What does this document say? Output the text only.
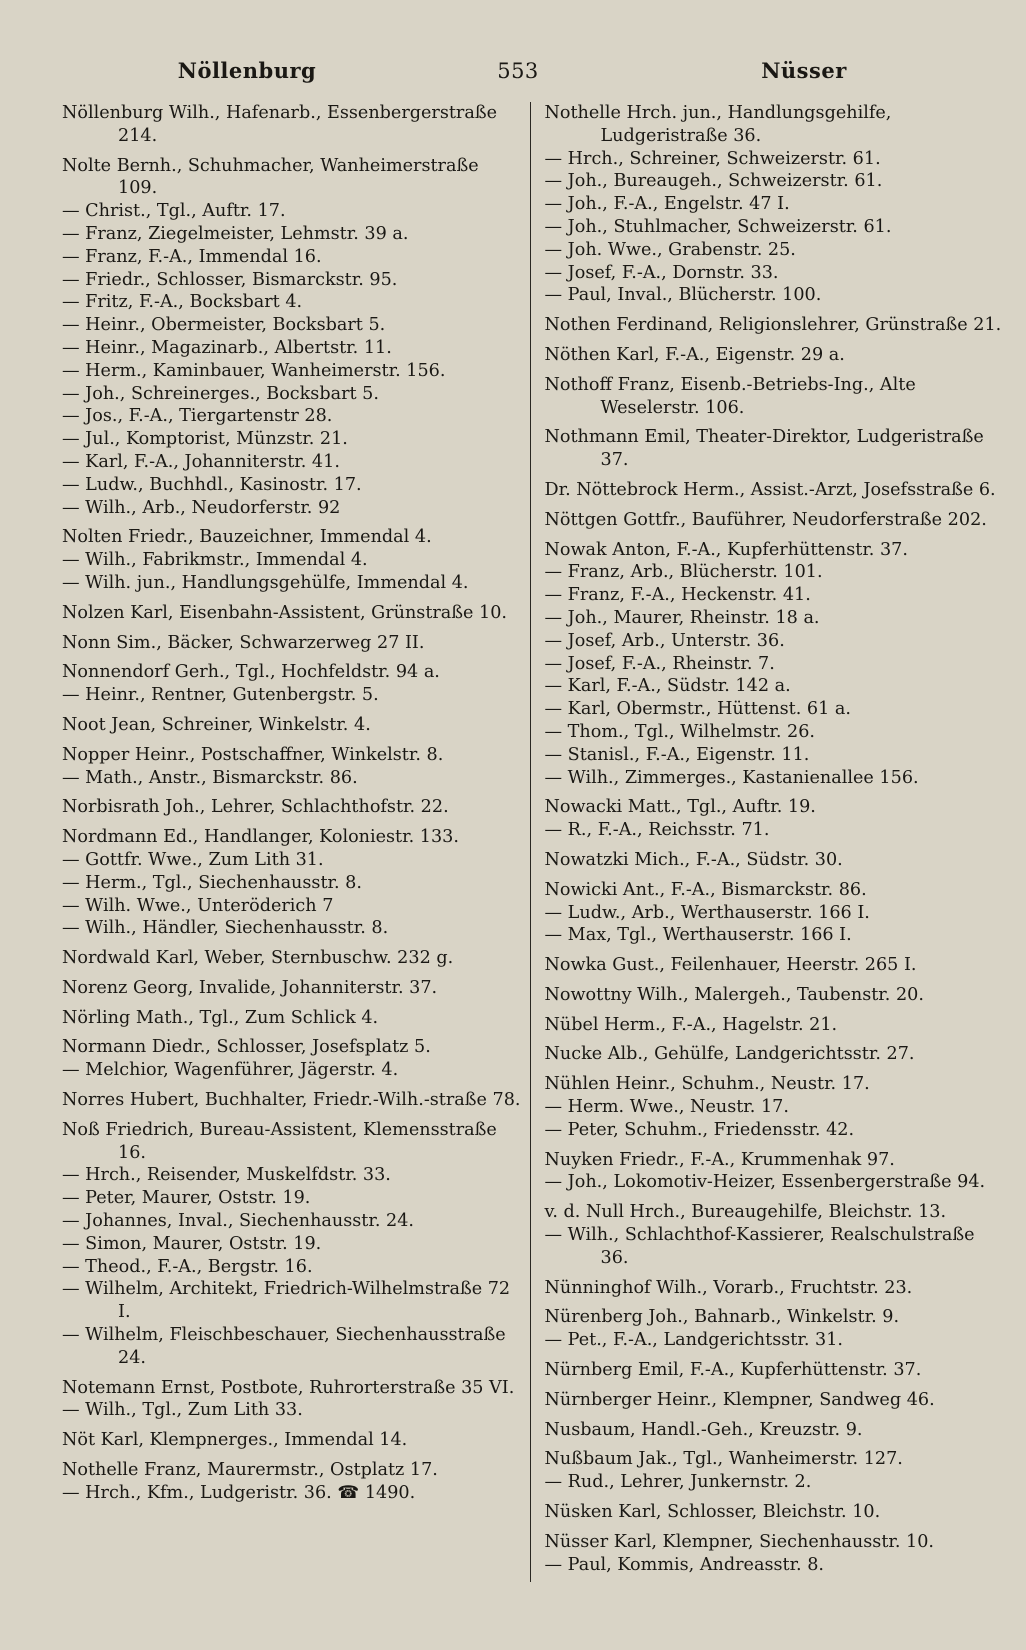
Nöllenburg	553	Nüsser
Nöllenburg Wilh., Hafenarb., Essenbergerstraße 214.
Nolte Bernh., Schuhmacher, Wanheimerstraße 109.
— Christ., Tgl., Auftr. 17.
— Franz, Ziegelmeister, Lehmstr. 39 a.
— Franz, F.-A., Immendal 16.
— Friedr., Schlosser, Bismarckstr. 95.
— Fritz, F.-A., Bocksbart 4.
— Heinr., Obermeister, Bocksbart 5.
— Heinr., Magazinarb., Albertstr. 11.
— Herm., Kaminbauer, Wanheimerstr. 156.
— Joh., Schreinerges., Bocksbart 5.
— Jos., F.-A., Tiergartenstr 28.
— Jul., Komptorist, Münzstr. 21.
— Karl, F.-A., Johanniterstr. 41.
— Ludw., Buchhdl., Kasinostr. 17.
— Wilh., Arb., Neudorferstr. 92
Nolten Friedr., Bauzeichner, Immendal 4.
— Wilh., Fabrikmstr., Immendal 4.
— Wilh. jun., Handlungsgehülfe, Immendal 4.
Nolzen Karl, Eisenbahn-Assistent, Grünstraße 10.
Nonn Sim., Bäcker, Schwarzerweg 27 II.
Nonnendorf Gerh., Tgl., Hochfeldstr. 94 a.
— Heinr., Rentner, Gutenbergstr. 5.
Noot Jean, Schreiner, Winkelstr. 4.
Nopper Heinr., Postschaffner, Winkelstr. 8.
— Math., Anstr., Bismarckstr. 86.
Norbisrath Joh., Lehrer, Schlachthofstr. 22.
Nordmann Ed., Handlanger, Koloniestr. 133.
— Gottfr. Wwe., Zum Lith 31.
— Herm., Tgl., Siechenhausstr. 8.
— Wilh. Wwe., Unteröderich 7
— Wilh., Händler, Siechenhausstr. 8.
Nordwald Karl, Weber, Sternbuschw. 232 g.
Norenz Georg, Invalide, Johanniterstr. 37.
Nörling Math., Tgl., Zum Schlick 4.
Normann Diedr., Schlosser, Josefsplatz 5.
— Melchior, Wagenführer, Jägerstr. 4.
Norres Hubert, Buchhalter, Friedr.-Wilh.-straße 78.
Noß Friedrich, Bureau-Assistent, Klemensstraße 16.
— Hrch., Reisender, Muskelfdstr. 33.
— Peter, Maurer, Oststr. 19.
— Johannes, Inval., Siechenhausstr. 24.
— Simon, Maurer, Oststr. 19.
— Theod., F.-A., Bergstr. 16.
— Wilhelm, Architekt, Friedrich-Wilhelmstraße 72 I.
— Wilhelm, Fleischbeschauer, Siechenhausstraße 24.
Notemann Ernst, Postbote, Ruhrorterstraße 35 VI.
— Wilh., Tgl., Zum Lith 33.
Nöt Karl, Klempnerges., Immendal 14.
Nothelle Franz, Maurermstr., Ostplatz 17.
— Hrch., Kfm., Ludgeristr. 36. ☎ 1490.
Nothelle Hrch. jun., Handlungsgehilfe, Ludgeristraße 36.
— Hrch., Schreiner, Schweizerstr. 61.
— Joh., Bureaugeh., Schweizerstr. 61.
— Joh., F.-A., Engelstr. 47 I.
— Joh., Stuhlmacher, Schweizerstr. 61.
— Joh. Wwe., Grabenstr. 25.
— Josef, F.-A., Dornstr. 33.
— Paul, Inval., Blücherstr. 100.
Nothen Ferdinand, Religionslehrer, Grünstraße 21.
Nöthen Karl, F.-A., Eigenstr. 29 a.
Nothoff Franz, Eisenb.-Betriebs-Ing., Alte Weselerstr. 106.
Nothmann Emil, Theater-Direktor, Ludgeristraße 37.
Dr. Nöttebrock Herm., Assist.-Arzt, Josefsstraße 6.
Nöttgen Gottfr., Bauführer, Neudorferstraße 202.
Nowak Anton, F.-A., Kupferhüttenstr. 37.
— Franz, Arb., Blücherstr. 101.
— Franz, F.-A., Heckenstr. 41.
— Joh., Maurer, Rheinstr. 18 a.
— Josef, Arb., Unterstr. 36.
— Josef, F.-A., Rheinstr. 7.
— Karl, F.-A., Südstr. 142 a.
— Karl, Obermstr., Hüttenst. 61 a.
— Thom., Tgl., Wilhelmstr. 26.
— Stanisl., F.-A., Eigenstr. 11.
— Wilh., Zimmerges., Kastanienallee 156.
Nowacki Matt., Tgl., Auftr. 19.
— R., F.-A., Reichsstr. 71.
Nowatzki Mich., F.-A., Südstr. 30.
Nowicki Ant., F.-A., Bismarckstr. 86.
— Ludw., Arb., Werthauserstr. 166 I.
— Max, Tgl., Werthauserstr. 166 I.
Nowka Gust., Feilenhauer, Heerstr. 265 I.
Nowottny Wilh., Malergeh., Taubenstr. 20.
Nübel Herm., F.-A., Hagelstr. 21.
Nucke Alb., Gehülfe, Landgerichtsstr. 27.
Nühlen Heinr., Schuhm., Neustr. 17.
— Herm. Wwe., Neustr. 17.
— Peter, Schuhm., Friedensstr. 42.
Nuyken Friedr., F.-A., Krummenhak 97.
— Joh., Lokomotiv-Heizer, Essenbergerstraße 94.
v. d. Null Hrch., Bureaugehilfe, Bleichstr. 13.
— Wilh., Schlachthof-Kassierer, Realschulstraße 36.
Nünninghof Wilh., Vorarb., Fruchtstr. 23.
Nürenberg Joh., Bahnarb., Winkelstr. 9.
— Pet., F.-A., Landgerichtsstr. 31.
Nürnberg Emil, F.-A., Kupferhüttenstr. 37.
Nürnberger Heinr., Klempner, Sandweg 46.
Nusbaum, Handl.-Geh., Kreuzstr. 9.
Nußbaum Jak., Tgl., Wanheimerstr. 127.
— Rud., Lehrer, Junkernstr. 2.
Nüsken Karl, Schlosser, Bleichstr. 10.
Nüsser Karl, Klempner, Siechenhausstr. 10.
— Paul, Kommis, Andreasstr. 8.
